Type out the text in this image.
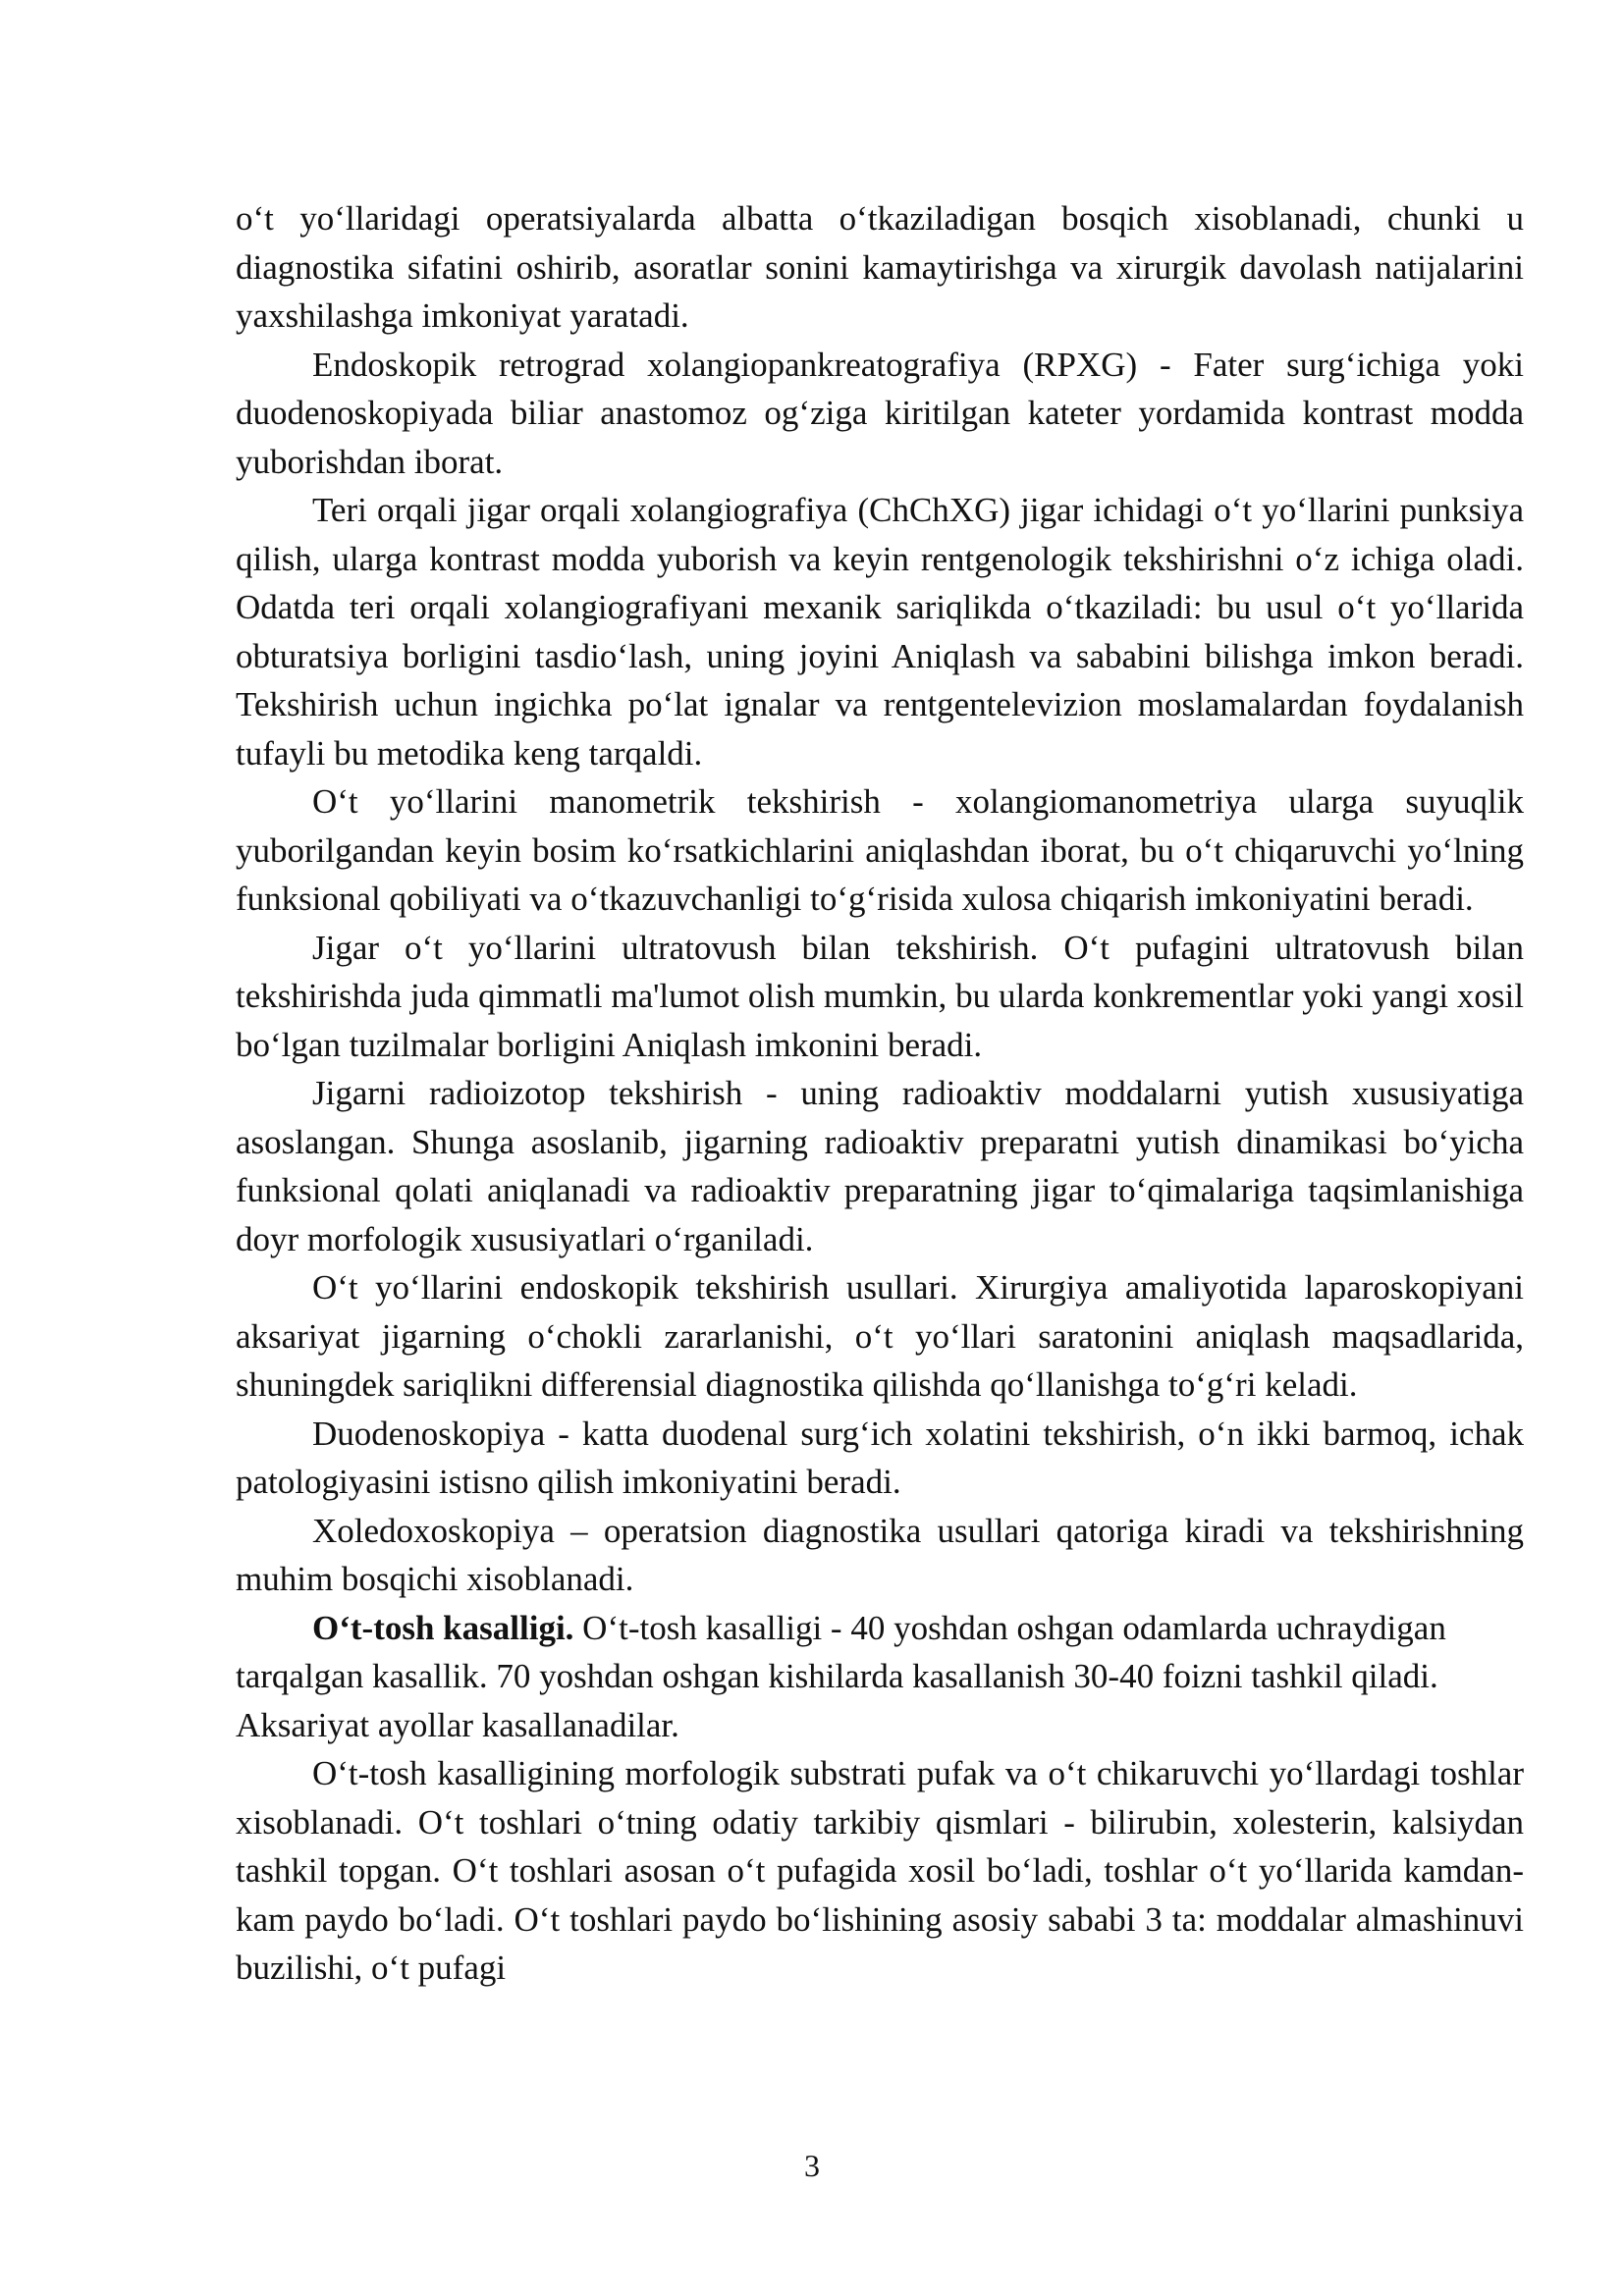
o‘t yo‘llaridagi operatsiyalarda albatta o‘tkaziladigan bosqich xisoblanadi, chunki u diagnostika sifatini oshirib, asoratlar sonini kamaytirishga va xirurgik davolash natijalarini yaxshilashga imkoniyat yaratadi.

Endoskopik retrograd xolangiopankreatografiya (RPXG) - Fater surg‘ichiga yoki duodenoskopiyada biliar anastomoz og‘ziga kiritilgan kateter yordamida kontrast modda yuborishdan iborat.

Teri orqali jigar orqali xolangiografiya (ChChXG) jigar ichidagi o‘t yo‘llarini punksiya qilish, ularga kontrast modda yuborish va keyin rentgenologik tekshirishni o‘z ichiga oladi. Odatda teri orqali xolangiografiyani mexanik sariqlikda o‘tkaziladi: bu usul o‘t yo‘llarida obturatsiya borligini tasdio‘lash, uning joyini Aniqlash va sababini bilishga imkon beradi. Tekshirish uchun ingichka po‘lat ignalar va rentgentelevizion moslamalardan foydalanish tufayli bu metodika keng tarqaldi.

O‘t yo‘llarini manometrik tekshirish - xolangiomanometriya ularga suyuqlik yuborilgandan keyin bosim ko‘rsatkichlarini aniqlashdan iborat, bu o‘t chiqaruvchi yo‘lning funksional qobiliyati va o‘tkazuvchanligi to‘g‘risida xulosa chiqarish imkoniyatini beradi.

Jigar o‘t yo‘llarini ultratovush bilan tekshirish. O‘t pufagini ultratovush bilan tekshirishda juda qimmatli ma'lumot olish mumkin, bu ularda konkrementlar yoki yangi xosil bo‘lgan tuzilmalar borligini Aniqlash imkonini beradi.

Jigarni radioizotop tekshirish - uning radioaktiv moddalarni yutish xususiyatiga asoslangan. Shunga asoslanib, jigarning radioaktiv preparatni yutish dinamikasi bo‘yicha funksional qolati aniqlanadi va radioaktiv preparatning jigar to‘qimalariga taqsimlanishiga doyr morfologik xususiyatlari o‘rganiladi.

O‘t yo‘llarini endoskopik tekshirish usullari. Xirurgiya amaliyotida laparoskopiyani aksariyat jigarning o‘chokli zararlanishi, o‘t yo‘llari saratonini aniqlash maqsadlarida, shuningdek sariqlikni differensial diagnostika qilishda qo‘llanishga to‘g‘ri keladi.

Duodenoskopiya - katta duodenal surg‘ich xolatini tekshirish, o‘n ikki barmoq, ichak patologiyasini istisno qilish imkoniyatini beradi.

Xoledoxoskopiya – operatsion diagnostika usullari qatoriga kiradi va tekshirishning muhim bosqichi xisoblanadi.

O‘t-tosh kasalligi. O‘t-tosh kasalligi - 40 yoshdan oshgan odamlarda uchraydigan tarqalgan kasallik. 70 yoshdan oshgan kishilarda kasallanish 30-40 foizni tashkil qiladi. Aksariyat ayollar kasallanadilar.

O‘t-tosh kasalligining morfologik substrati pufak va o‘t chikaruvchi yo‘llardagi toshlar xisoblanadi. O‘t toshlari o‘tning odatiy tarkibiy qismlari - bilirubin, xolesterin, kalsiydan tashkil topgan. O‘t toshlari asosan o‘t pufagida xosil bo‘ladi, toshlar o‘t yo‘llarida kamdan-kam paydo bo‘ladi. O‘t toshlari paydo bo‘lishining asosiy sababi 3 ta: moddalar almashinuvi buzilishi, o‘t pufagi

3
